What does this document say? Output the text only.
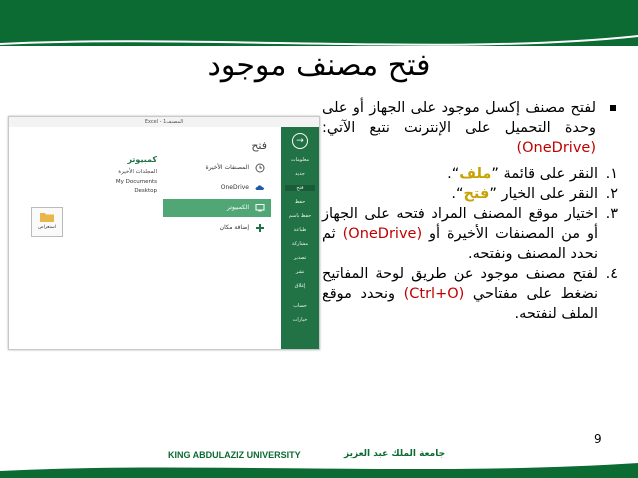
فتح مصنف موجود
لفتح مصنف إكسل موجود على الجهاز أو على وحدة التحميل على الإنترنت نتبع الآتي: (OneDrive)
١.
النقر على قائمة ”ملف“.
٢.
النقر على الخيار ”فتح“.
٣.
اختيار موقع المصنف المراد فتحه على الجهاز أو من المصنفات الأخيرة أو (OneDrive) ثم نحدد المصنف ونفتحه.
٤.
لفتح مصنف موجود عن طريق لوحة المفاتيح نضغط على مفتاحي (Ctrl+O) ونحدد موقع الملف لنفتحه.
Excel - المصنف1
→
معلومات
جديد
فتح
حفظ
حفظ باسم
طباعة
مشاركة
تصدير
نشر
إغلاق
حساب
خيارات
فتح
المصنفات الأخيرة
OneDrive
الكمبيوتر
إضافة مكان
كمبيوتر
المجلدات الأخيرة
My Documents
Desktop
استعراض
9
KING ABDULAZIZ UNIVERSITY	جامعة الملك عبد العزيز
